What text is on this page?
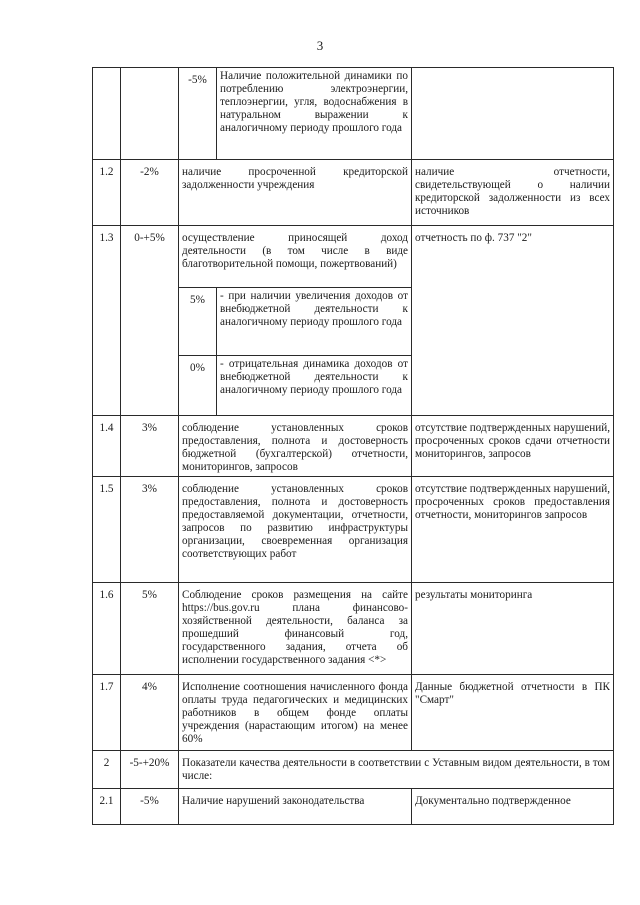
3
		-5%	Наличие положительной динамики по потреблению электроэнергии, теплоэнергии, угля, водоснабжения в натуральном выражении к аналогичному периоду прошлого года	
1.2	-2%	наличие просроченной кредиторской задолженности учреждения		наличие отчетности, свидетельствующей о наличии кредиторской задолженности из всех источников
1.3	0-+5%	осуществление приносящей доход деятельности (в том числе в виде благотворительной помощи, пожертвований)		отчетность по ф. 737 "2"
		5%	- при наличии увеличения доходов от внебюджетной деятельности к аналогичному периоду прошлого года	
		0%	- отрицательная динамика доходов от внебюджетной деятельности к аналогичному периоду прошлого года	
1.4	3%	соблюдение установленных сроков предоставления, полнота и достоверность бюджетной (бухгалтерской) отчетности, мониторингов, запросов		отсутствие подтвержденных нарушений, просроченных сроков сдачи отчетности мониторингов, запросов
1.5	3%	соблюдение установленных сроков предоставления, полнота и достоверность предоставляемой документации, отчетности, запросов по развитию инфраструктуры организации, своевременная организация соответствующих работ		отсутствие подтвержденных нарушений, просроченных сроков предоставления отчетности, мониторингов запросов
1.6	5%	Соблюдение сроков размещения на сайте https://bus.gov.ru плана финансово-хозяйственной деятельности, баланса за прошедший финансовый год, государственного задания, отчета об исполнении государственного задания <*>		результаты мониторинга
1.7	4%	Исполнение соотношения начисленного фонда оплаты труда педагогических и медицинских работников в общем фонде оплаты учреждения (нарастающим итогом) на менее 60%		Данные бюджетной отчетности в ПК "Смарт"
2	-5-+20%	Показатели качества деятельности в соответствии с Уставным видом деятельности, в том числе:		
2.1	-5%	Наличие нарушений законодательства		Документально подтвержденное
